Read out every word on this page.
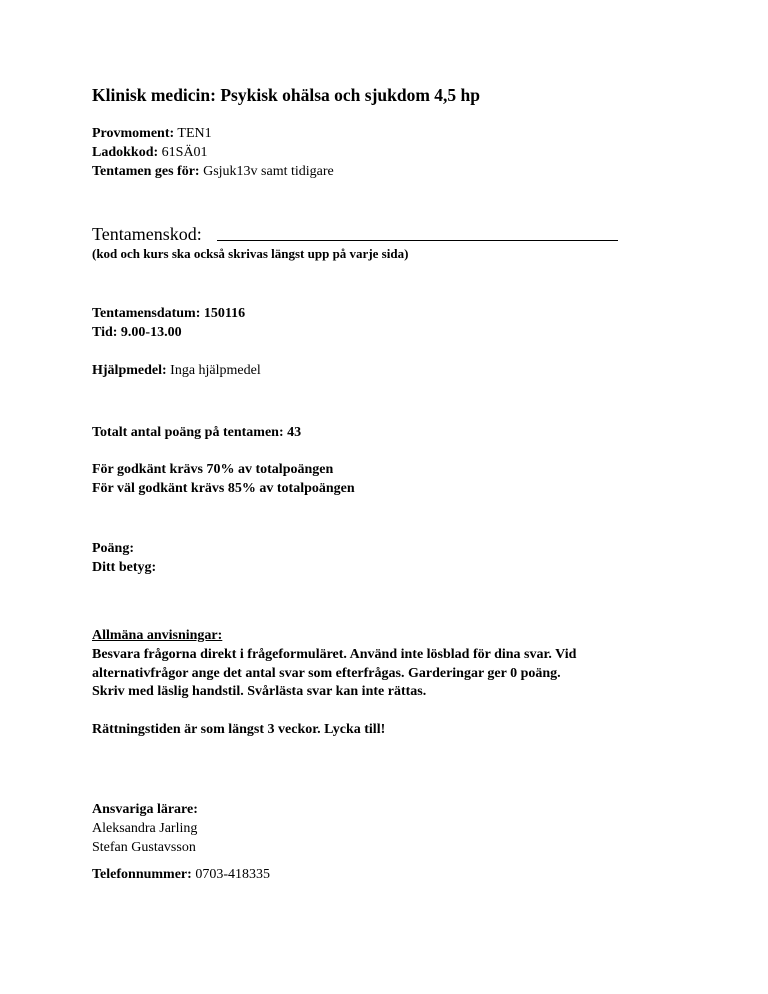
Klinisk medicin: Psykisk ohälsa och sjukdom 4,5 hp
Provmoment: TEN1
Ladokkod: 61SÄ01
Tentamen ges för: Gsjuk13v samt tidigare
Tentamenskod:
(kod och kurs ska också skrivas längst upp på varje sida)
Tentamensdatum: 150116
Tid: 9.00-13.00
Hjälpmedel: Inga hjälpmedel
Totalt antal poäng på tentamen: 43
För godkänt krävs 70% av totalpoängen
För väl godkänt krävs 85% av totalpoängen
Poäng:
Ditt betyg:
Allmäna anvisningar:
Besvara frågorna direkt i frågeformuläret. Använd inte lösblad för dina svar. Vid
alternativfrågor ange det antal svar som efterfrågas. Garderingar ger 0 poäng.
Skriv med läslig handstil. Svårlästa svar kan inte rättas.
Rättningstiden är som längst 3 veckor. Lycka till!
Ansvariga lärare:
Aleksandra Jarling
Stefan Gustavsson
Telefonnummer: 0703-418335
